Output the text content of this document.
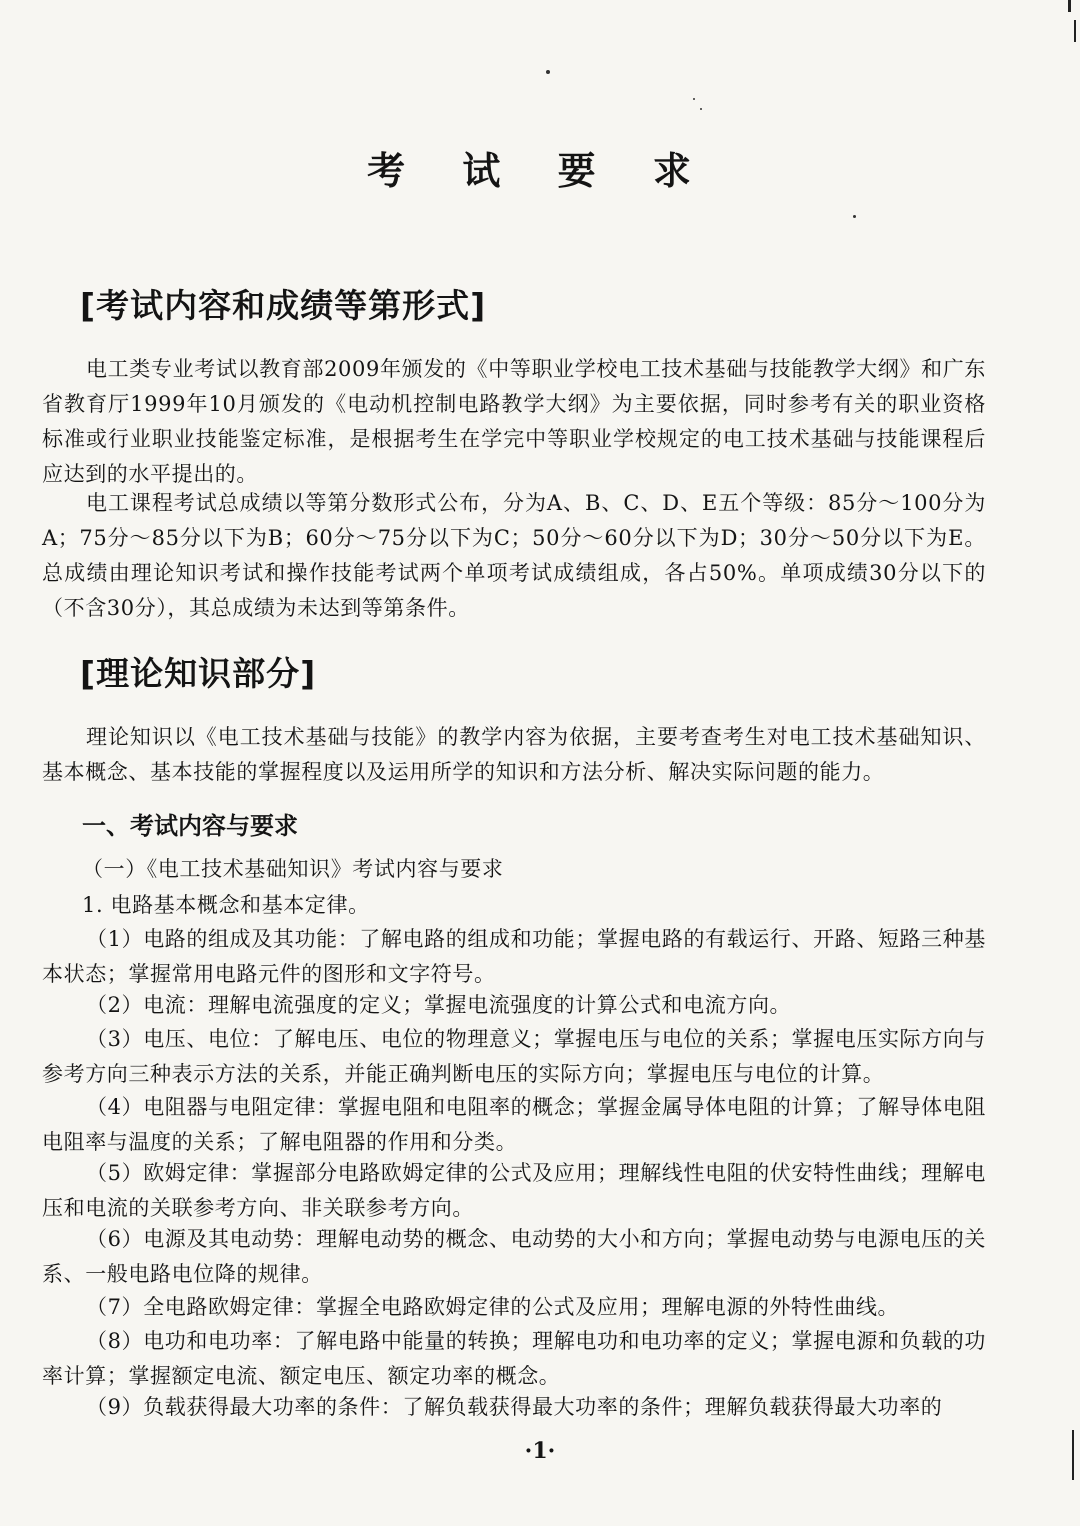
考 试 要 求
[考试内容和成绩等第形式]

电工类专业考试以教育部2009年颁发的《中等职业学校电工技术基础与技能教学大纲》和广东省教育厅1999年10月颁发的《电动机控制电路教学大纲》为主要依据，同时参考有关的职业资格标准或行业职业技能鉴定标准，是根据考生在学完中等职业学校规定的电工技术基础与技能课程后应达到的水平提出的。

电工课程考试总成绩以等第分数形式公布，分为A、B、C、D、E五个等级：85分～100分为A；75分～85分以下为B；60分～75分以下为C；50分～60分以下为D；30分～50分以下为E。总成绩由理论知识考试和操作技能考试两个单项考试成绩组成，各占50%。单项成绩30分以下的（不含30分），其总成绩为未达到等第条件。

[理论知识部分]

理论知识以《电工技术基础与技能》的教学内容为依据，主要考查考生对电工技术基础知识、基本概念、基本技能的掌握程度以及运用所学的知识和方法分析、解决实际问题的能力。

一、考试内容与要求
（一）《电工技术基础知识》考试内容与要求
1. 电路基本概念和基本定律。

（1）电路的组成及其功能：了解电路的组成和功能；掌握电路的有载运行、开路、短路三种基本状态；掌握常用电路元件的图形和文字符号。

（2）电流：理解电流强度的定义；掌握电流强度的计算公式和电流方向。

（3）电压、电位：了解电压、电位的物理意义；掌握电压与电位的关系；掌握电压实际方向与参考方向三种表示方法的关系，并能正确判断电压的实际方向；掌握电压与电位的计算。

（4）电阻器与电阻定律：掌握电阻和电阻率的概念；掌握金属导体电阻的计算；了解导体电阻电阻率与温度的关系；了解电阻器的作用和分类。

（5）欧姆定律：掌握部分电路欧姆定律的公式及应用；理解线性电阻的伏安特性曲线；理解电压和电流的关联参考方向、非关联参考方向。

（6）电源及其电动势：理解电动势的概念、电动势的大小和方向；掌握电动势与电源电压的关系、一般电路电位降的规律。

（7）全电路欧姆定律：掌握全电路欧姆定律的公式及应用；理解电源的外特性曲线。

（8）电功和电功率：了解电路中能量的转换；理解电功和电功率的定义；掌握电源和负载的功率计算；掌握额定电流、额定电压、额定功率的概念。

（9）负载获得最大功率的条件：了解负载获得最大功率的条件；理解负载获得最大功率的

·1·
